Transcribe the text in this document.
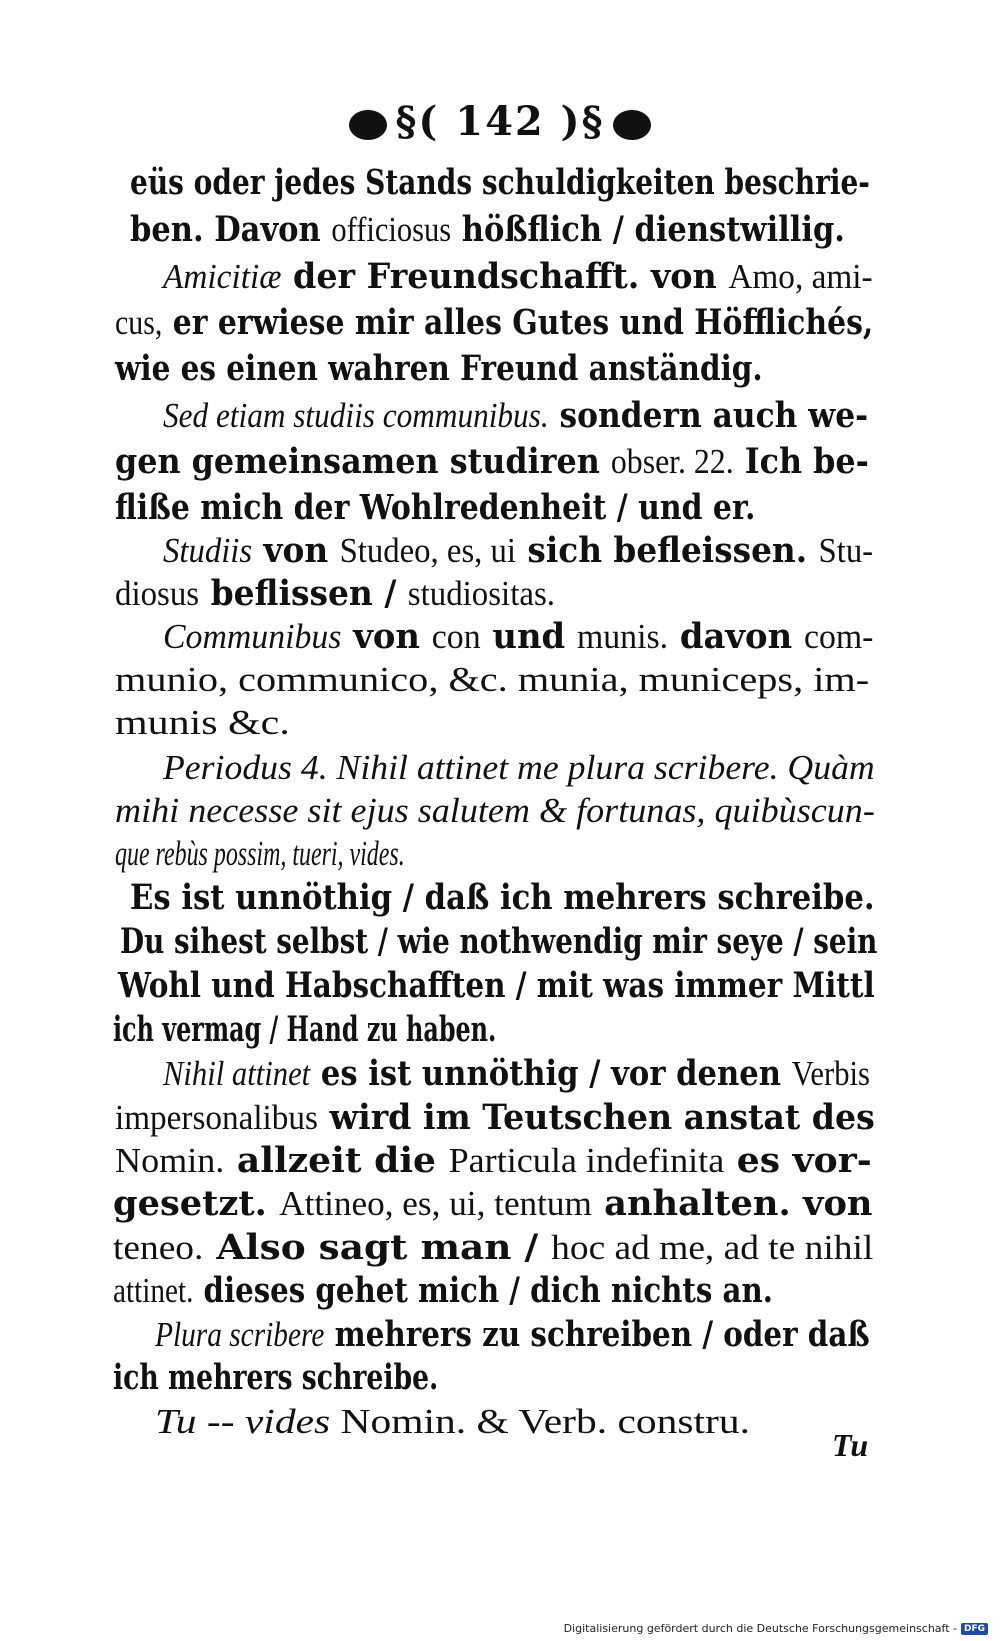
§( 142 )§
eüs oder jedes Stands schuldigkeiten beschrie-
ben. Davon officiosus hößflich / dienstwillig.
Amicitiæ der Freundschafft. von Amo, ami-
cus, er erwiese mir alles Gutes und Höfflichés,
wie es einen wahren Freund anständig.
Sed etiam studiis communibus. sondern auch we-
gen gemeinsamen studiren obser. 22. Ich be-
fliße mich der Wohlredenheit / und er.
Studiis von Studeo, es, ui sich befleissen. Stu-
diosus beflissen / studiositas.
Communibus von con und munis. davon com-
munio, communico, &c. munia, municeps, im-
munis &c.
Periodus 4. Nihil attinet me plura scribere. Quàm
mihi necesse sit ejus salutem & fortunas, quibùscun-
que rebùs possim, tueri, vides.
Es ist unnöthig / daß ich mehrers schreibe.
Du sihest selbst / wie nothwendig mir seye / sein
Wohl und Habschafften / mit was immer Mittl
ich vermag / Hand zu haben.
Nihil attinet es ist unnöthig / vor denen Verbis
impersonalibus wird im Teutschen anstat des
Nomin. allzeit die Particula indefinita es vor-
gesetzt. Attineo, es, ui, tentum anhalten. von
teneo. Also sagt man / hoc ad me, ad te nihil
attinet. dieses gehet mich / dich nichts an.
Plura scribere mehrers zu schreiben / oder daß
ich mehrers schreibe.
Tu -- vides Nomin. & Verb. constru.
Tu
Digitalisierung gefördert durch die Deutsche Forschungsgemeinschaft - DFG
